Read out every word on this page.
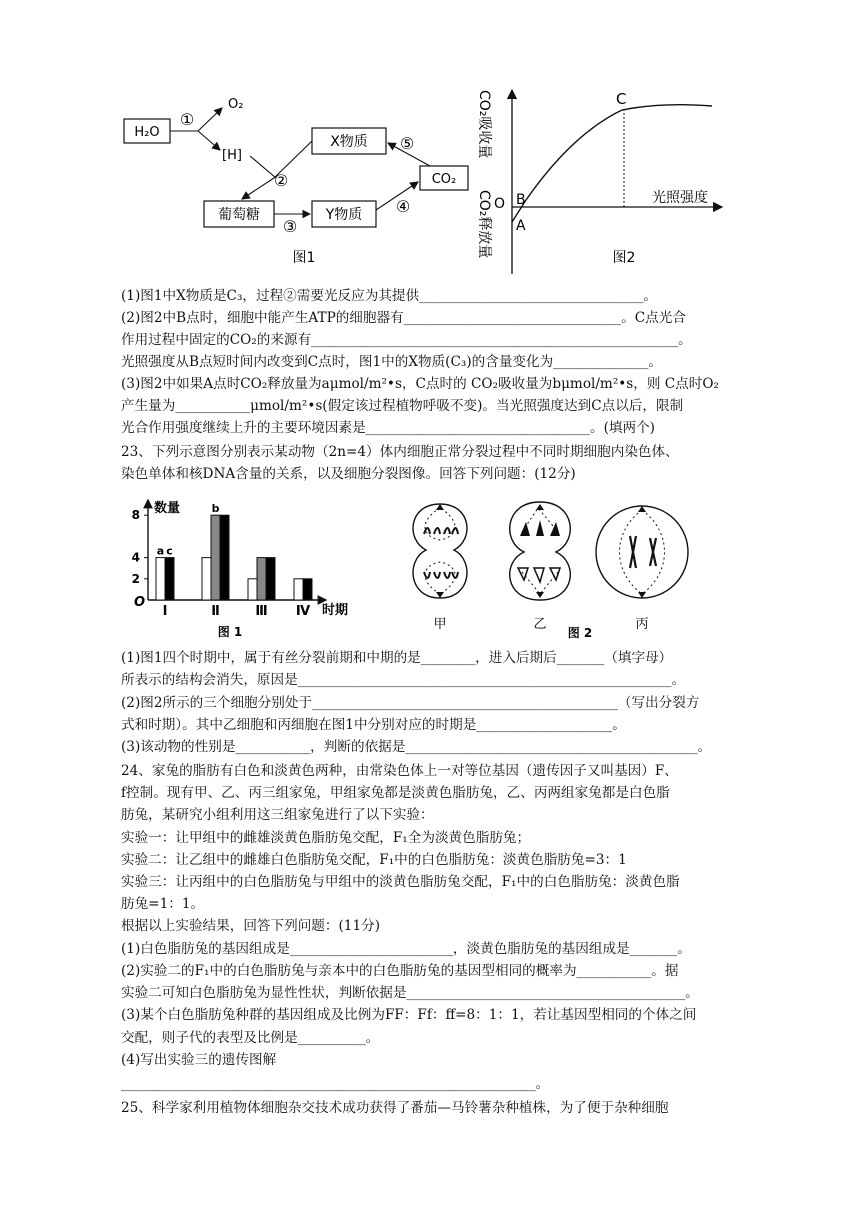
H₂O
X物质
CO₂
葡萄糖	Y物质
O₂
[H]
①
②
③
④
⑤
图1
CO₂吸收量
CO₂释放量 O
A
B
C
光照强度
图2
(1)图1中X物质是C₃，过程②需要光反应为其提供_________________________________。
(2)图2中B点时，细胞中能产生ATP的细胞器有________________________________。C点光合
作用过程中固定的CO₂的来源有______________________________________________________。
光照强度从B点短时间内改变到C点时，图1中的X物质(C₃)的含量变化为______________。
(3)图2中如果A点时CO₂释放量为aμmol/m²•s，C点时的 CO₂吸收量为bμmol/m²•s，则 C点时O₂
产生量为___________μmol/m²•s(假定该过程植物呼吸不变)。当光照强度达到C点以后，限制
光合作用强度继续上升的主要环境因素是_________________________________。(填两个)
23、下列示意图分别表示某动物（2n=4）体内细胞正常分裂过程中不同时期细胞内染色体、
染色单体和核DNA含量的关系，以及细胞分裂图像。回答下列问题：(12分)
数量
时期
O
2
4
8
a c
Ⅰ
b
Ⅱ	Ⅲ Ⅳ
图 1	甲	乙	丙
图 2
(1)图1四个时期中，属于有丝分裂前期和中期的是________，进入后期后_______（填字母）
所表示的结构会消失，原因是_______________________________________________________。
(2)图2所示的三个细胞分别处于_____________________________________________（写出分裂方
式和时期）。其中乙细胞和丙细胞在图1中分别对应的时期是____________________。
(3)该动物的性别是___________，判断的依据是___________________________________________。
24、家兔的脂肪有白色和淡黄色两种，由常染色体上一对等位基因（遗传因子又叫基因）F、
f控制。现有甲、乙、丙三组家兔，甲组家兔都是淡黄色脂肪兔，乙、丙两组家兔都是白色脂
肪兔，某研究小组利用这三组家兔进行了以下实验：
实验一：让甲组中的雌雄淡黄色脂肪兔交配，F₁全为淡黄色脂肪兔；
实验二：让乙组中的雌雄白色脂肪兔交配，F₁中的白色脂肪兔：淡黄色脂肪兔=3：1
实验三：让丙组中的白色脂肪兔与甲组中的淡黄色脂肪兔交配，F₁中的白色脂肪兔：淡黄色脂
肪兔=1：1。
根据以上实验结果，回答下列问题：(11分)
(1)白色脂肪兔的基因组成是________________________，淡黄色脂肪兔的基因组成是_______。
(2)实验二的F₁中的白色脂肪兔与亲本中的白色脂肪兔的基因型相同的概率为___________。据
实验二可知白色脂肪兔为显性性状，判断依据是_________________________________________。
(3)某个白色脂肪兔种群的基因组成及比例为FF：Ff：ff=8：1：1，若让基因型相同的个体之间
交配，则子代的表型及比例是__________。
(4)写出实验三的遗传图解
_____________________________________________________________。
25、科学家利用植物体细胞杂交技术成功获得了番茄—马铃薯杂种植株，为了便于杂种细胞
